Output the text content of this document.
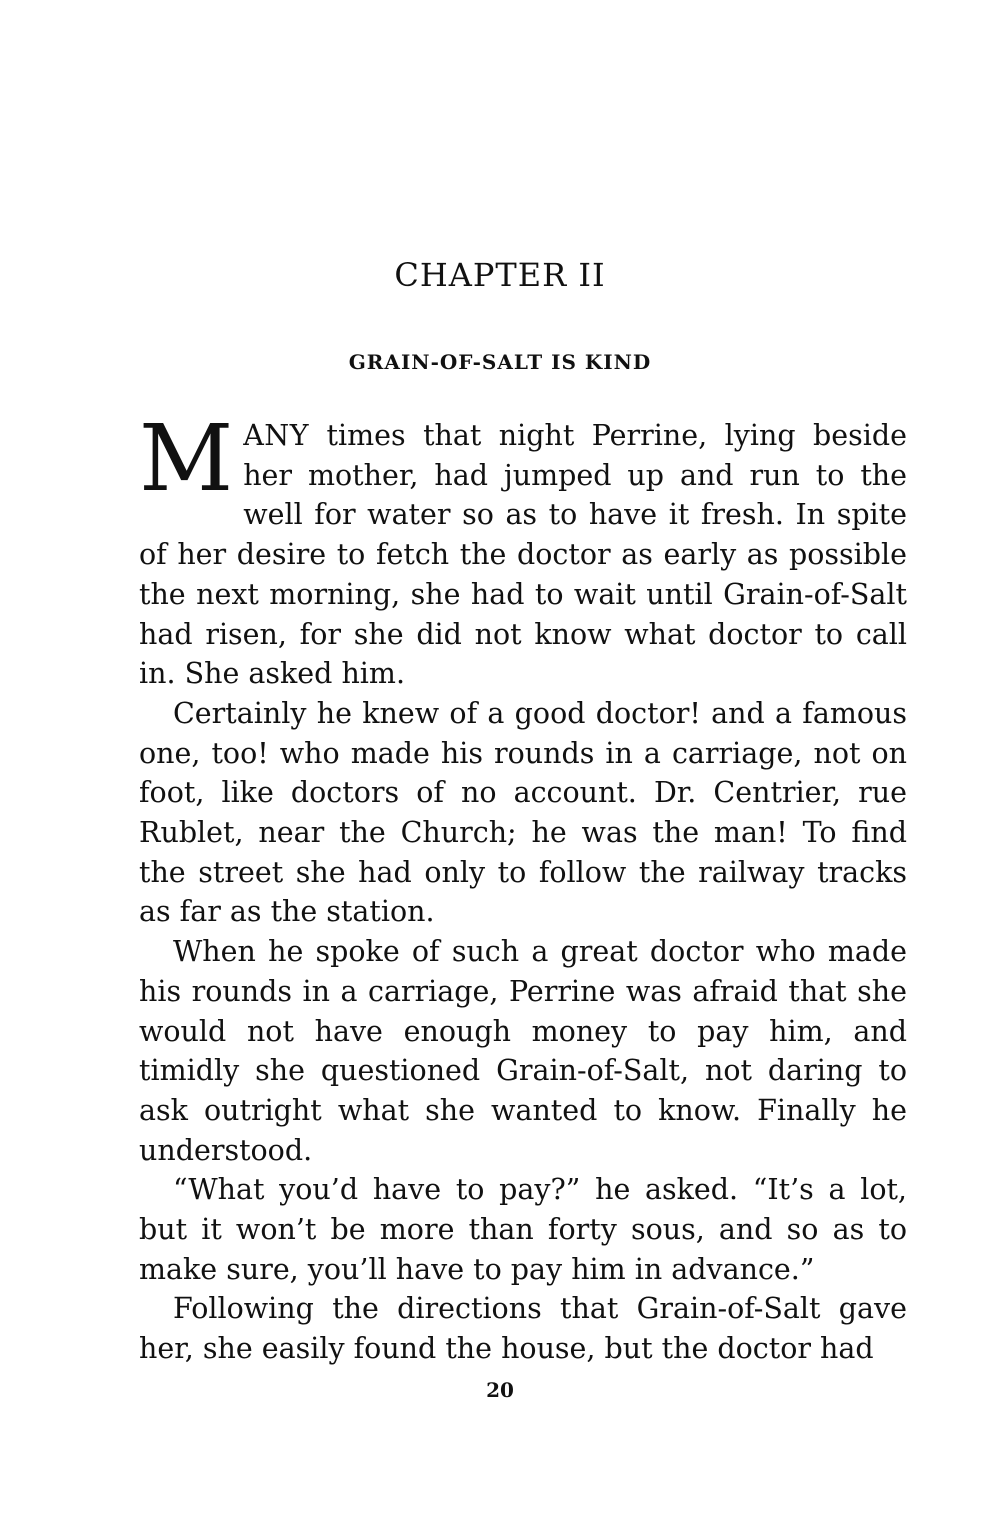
CHAPTER II
GRAIN-OF-SALT IS KIND

MANY times that night Perrine, lying beside her mother, had jumped up and run to the well for water so as to have it fresh. In spite of her desire to fetch the doctor as early as possible the next morning, she had to wait until Grain-of-Salt had risen, for she did not know what doctor to call in. She asked him.

Certainly he knew of a good doctor! and a famous one, too! who made his rounds in a carriage, not on foot, like doctors of no account. Dr. Centrier, rue Rublet, near the Church; he was the man! To find the street she had only to follow the railway tracks as far as the station.

When he spoke of such a great doctor who made his rounds in a carriage, Perrine was afraid that she would not have enough money to pay him, and timidly she questioned Grain-of-Salt, not daring to ask outright what she wanted to know. Finally he understood.

“What you’d have to pay?” he asked. “It’s a lot, but it won’t be more than forty sous, and so as to make sure, you’ll have to pay him in advance.”

Following the directions that Grain-of-Salt gave her, she easily found the house, but the doctor had

20
